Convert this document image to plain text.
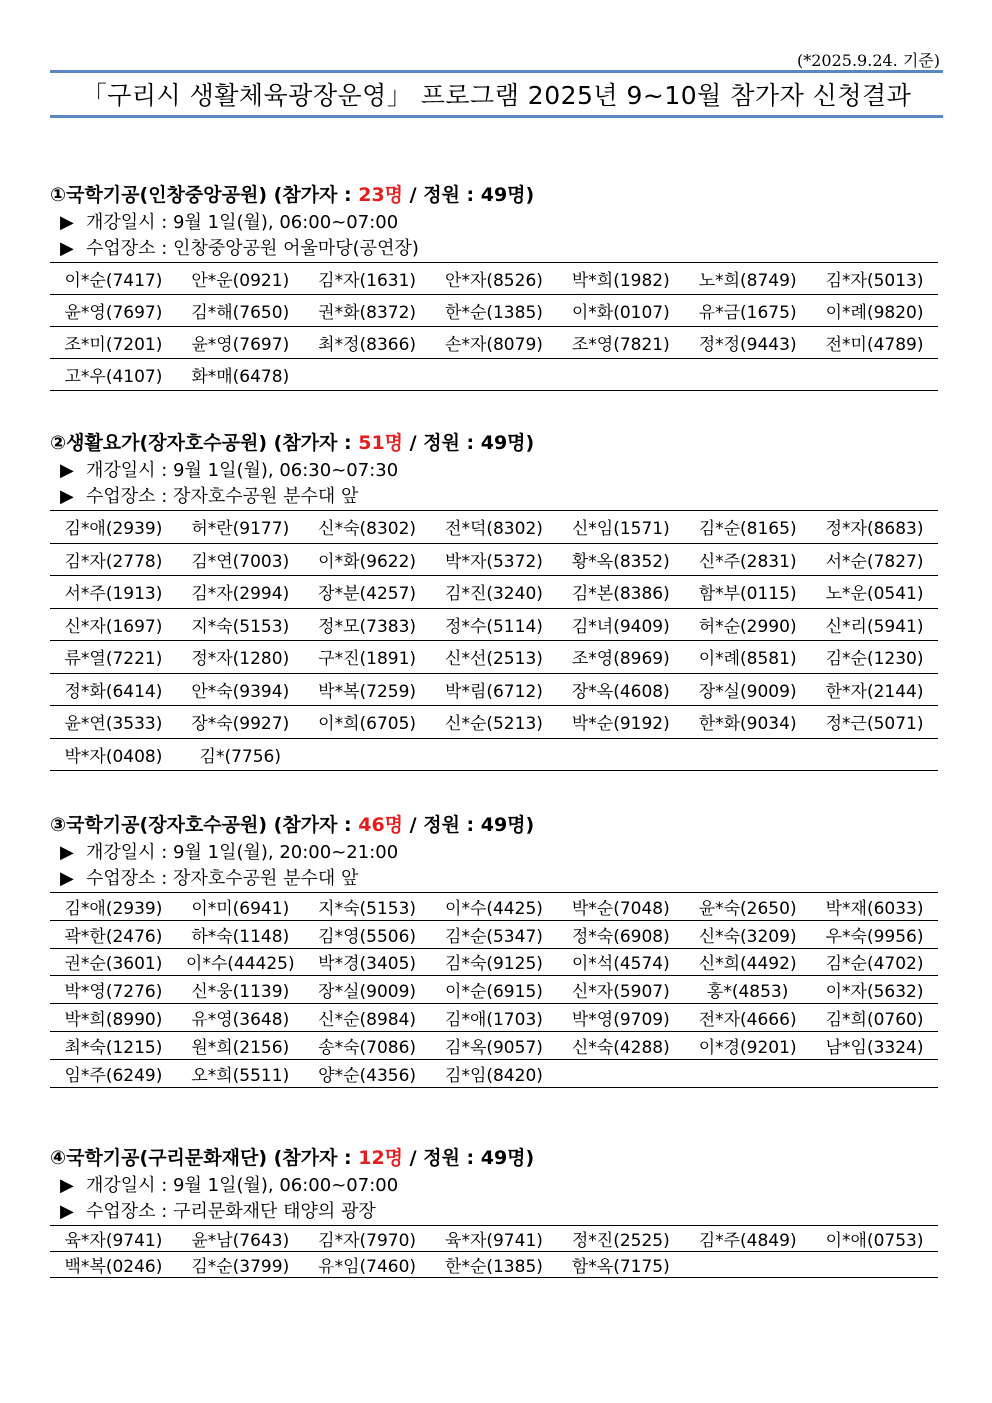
(*2025.9.24. 기준)
「구리시 생활체육광장운영」 프로그램 2025년 9~10월 참가자 신청결과
①국학기공(인창중앙공원) (참가자 : 23명 / 정원 : 49명)
▶ 개강일시 : 9월 1일(월), 06:00~07:00
▶ 수업장소 : 인창중앙공원 어울마당(공연장)
이*순(7417)	안*운(0921)	김*자(1631)	안*자(8526)	박*희(1982)	노*희(8749)	김*자(5013)
윤*영(7697)	김*해(7650)	권*화(8372)	한*순(1385)	이*화(0107)	유*금(1675)	이*례(9820)
조*미(7201)	윤*영(7697)	최*정(8366)	손*자(8079)	조*영(7821)	정*정(9443)	전*미(4789)
고*우(4107)	화*매(6478)					
②생활요가(장자호수공원) (참가자 : 51명 / 정원 : 49명)
▶ 개강일시 : 9월 1일(월), 06:30~07:30
▶ 수업장소 : 장자호수공원 분수대 앞
김*애(2939)	허*란(9177)	신*숙(8302)	전*덕(8302)	신*임(1571)	김*순(8165)	정*자(8683)
김*자(2778)	김*연(7003)	이*화(9622)	박*자(5372)	황*옥(8352)	신*주(2831)	서*순(7827)
서*주(1913)	김*자(2994)	장*분(4257)	김*진(3240)	김*본(8386)	함*부(0115)	노*운(0541)
신*자(1697)	지*숙(5153)	정*모(7383)	정*수(5114)	김*녀(9409)	허*순(2990)	신*리(5941)
류*열(7221)	정*자(1280)	구*진(1891)	신*선(2513)	조*영(8969)	이*례(8581)	김*순(1230)
정*화(6414)	안*숙(9394)	박*복(7259)	박*림(6712)	장*옥(4608)	장*실(9009)	한*자(2144)
윤*연(3533)	장*숙(9927)	이*희(6705)	신*순(5213)	박*순(9192)	한*화(9034)	정*근(5071)
박*자(0408)	김*(7756)					
③국학기공(장자호수공원) (참가자 : 46명 / 정원 : 49명)
▶ 개강일시 : 9월 1일(월), 20:00~21:00
▶ 수업장소 : 장자호수공원 분수대 앞
김*애(2939)	이*미(6941)	지*숙(5153)	이*수(4425)	박*순(7048)	윤*숙(2650)	박*재(6033)
곽*한(2476)	하*숙(1148)	김*영(5506)	김*순(5347)	정*숙(6908)	신*숙(3209)	우*숙(9956)
권*순(3601)	이*수(44425)	박*경(3405)	김*숙(9125)	이*석(4574)	신*희(4492)	김*순(4702)
박*영(7276)	신*웅(1139)	장*실(9009)	이*순(6915)	신*자(5907)	홍*(4853)	이*자(5632)
박*희(8990)	유*영(3648)	신*순(8984)	김*애(1703)	박*영(9709)	전*자(4666)	김*희(0760)
최*숙(1215)	원*희(2156)	송*숙(7086)	김*옥(9057)	신*숙(4288)	이*경(9201)	남*임(3324)
임*주(6249)	오*희(5511)	양*순(4356)	김*임(8420)			
④국학기공(구리문화재단) (참가자 : 12명 / 정원 : 49명)
▶ 개강일시 : 9월 1일(월), 06:00~07:00
▶ 수업장소 : 구리문화재단 태양의 광장
육*자(9741)	윤*남(7643)	김*자(7970)	육*자(9741)	정*진(2525)	김*주(4849)	이*애(0753)
백*복(0246)	김*순(3799)	유*임(7460)	한*순(1385)	함*옥(7175)		
